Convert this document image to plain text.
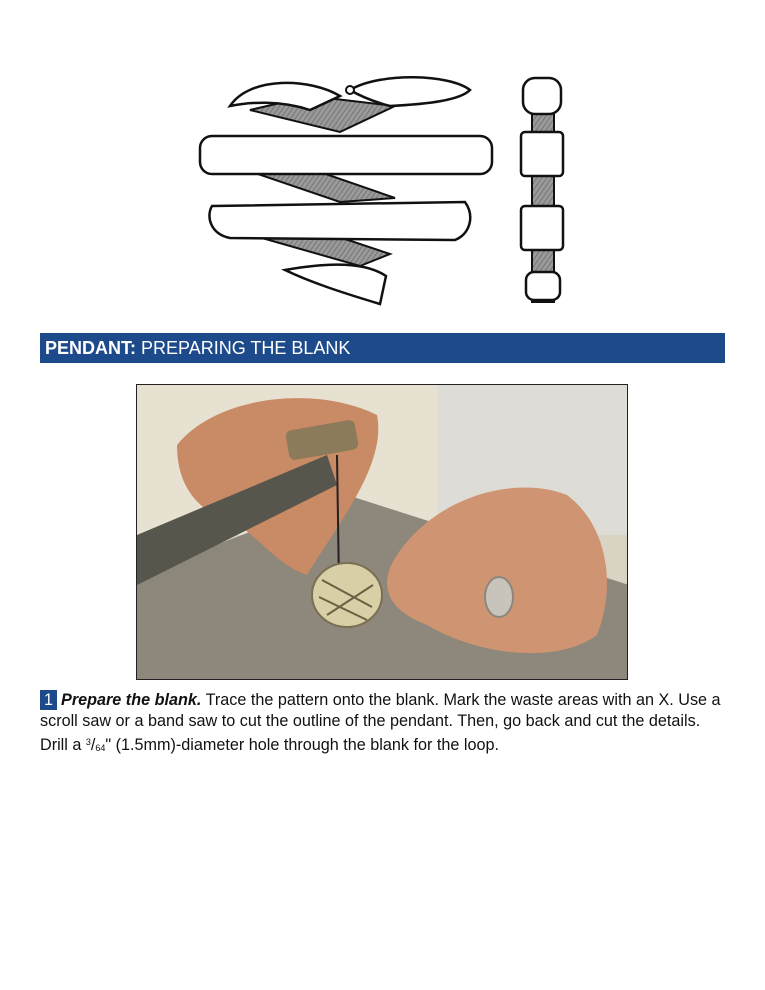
PENDANT: PREPARING THE BLANK
1 Prepare the blank. Trace the pattern onto the blank. Mark the waste areas with an X. Use a scroll saw or a band saw to cut the outline of the pendant. Then, go back and cut the details. Drill a $^3/_{64}$" (1.5mm)-diameter hole through the blank for the loop.
